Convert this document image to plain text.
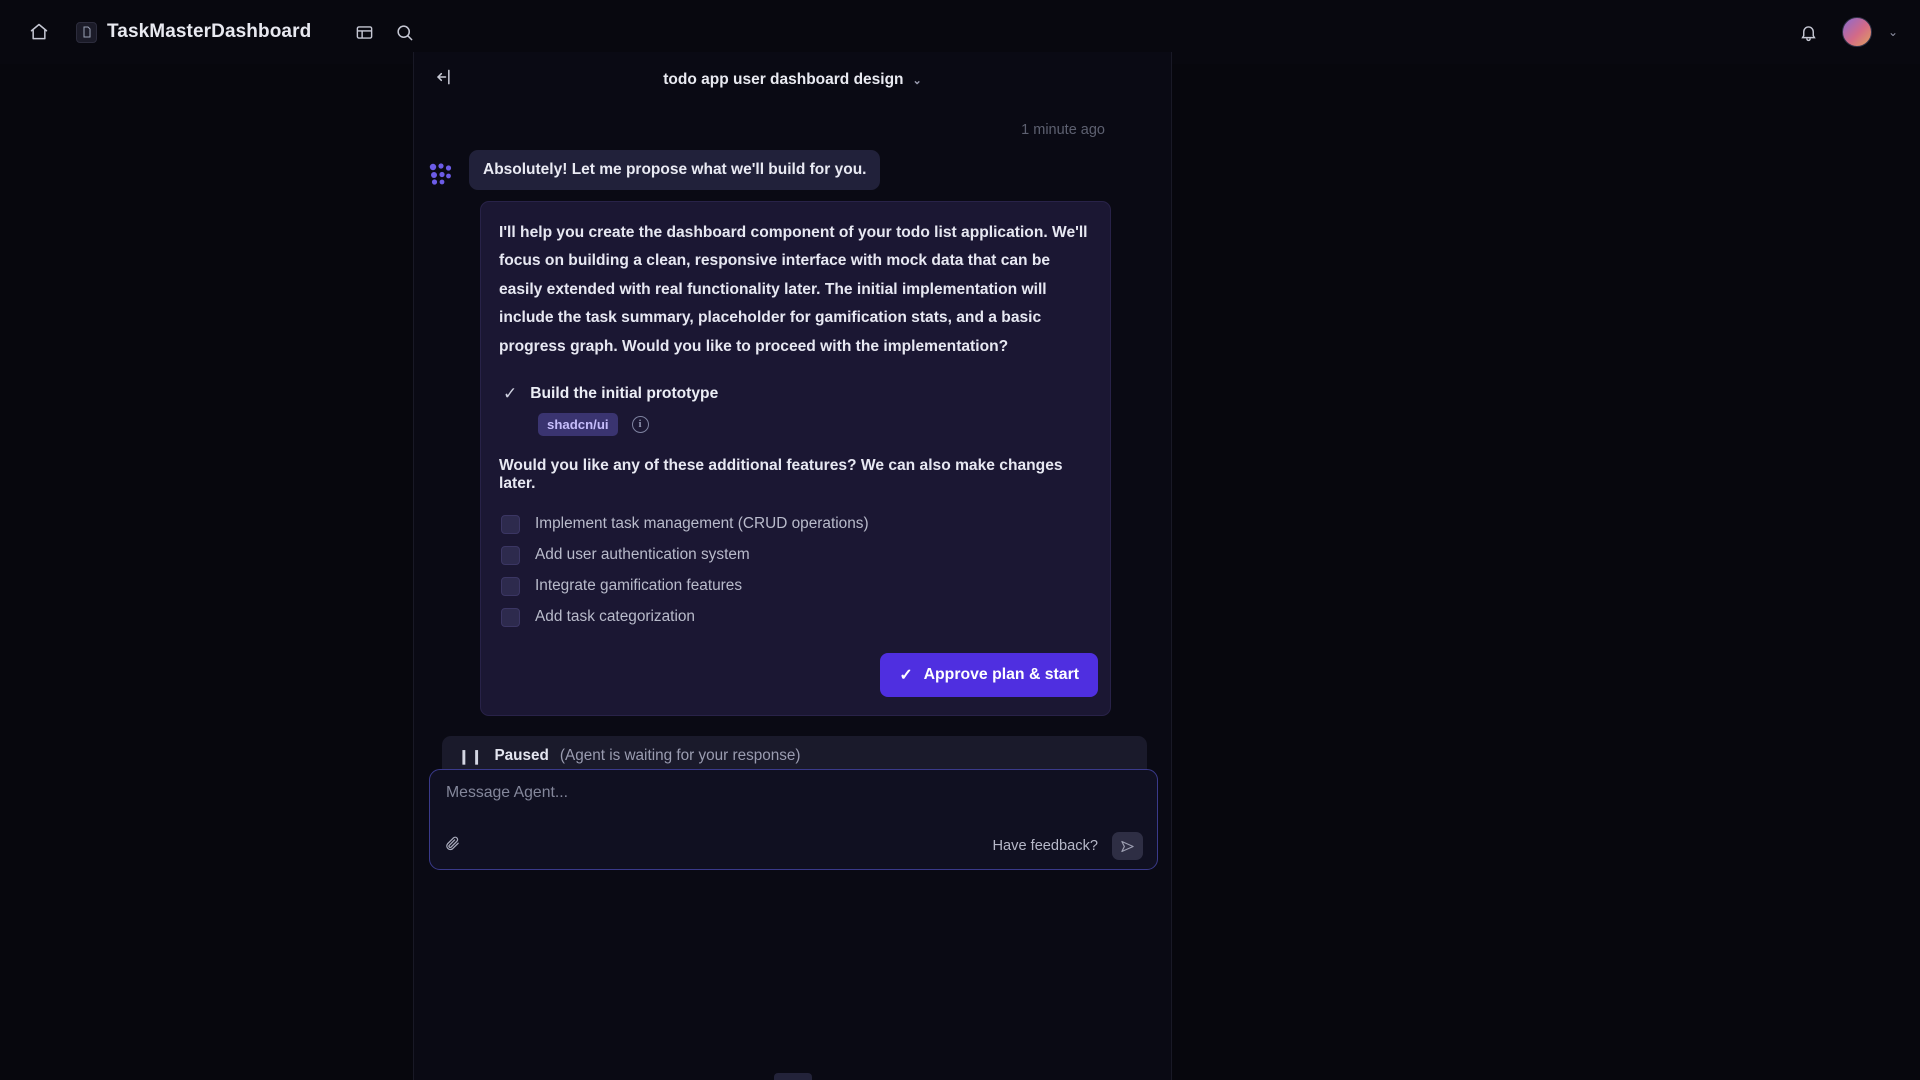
TaskMasterDashboard	⌄
todo app user dashboard design ⌄
1 minute ago
Absolutely! Let me propose what we'll build for you.
I'll help you create the dashboard component of your todo list application. We'll focus on building a clean, responsive interface with mock data that can be easily extended with real functionality later. The initial implementation will include the task summary, placeholder for gamification stats, and a basic progress graph. Would you like to proceed with the implementation?
✓ Build the initial prototype
shadcn/ui	i
Would you like any of these additional features? We can also make changes later.
Implement task management (CRUD operations)
Add user authentication system
Integrate gamification features
Add task categorization
✓ Approve plan & start
❙❙ Paused (Agent is waiting for your response)
Message Agent...
Have feedback?
